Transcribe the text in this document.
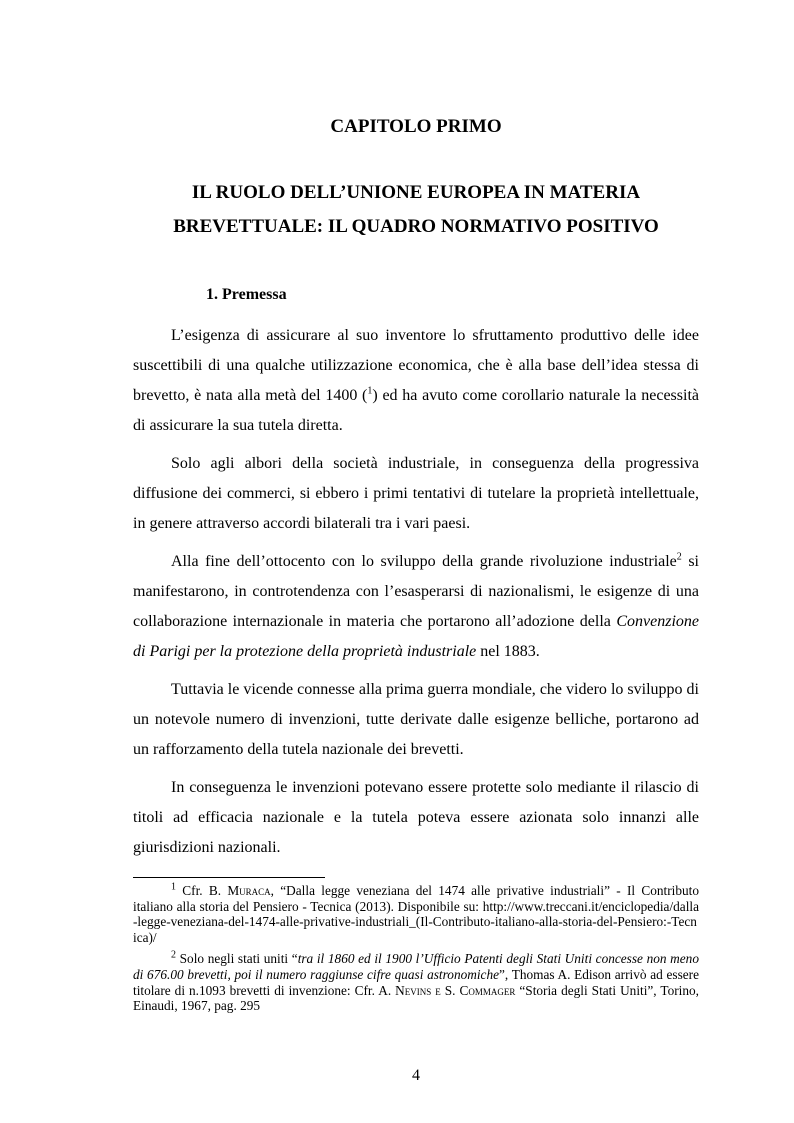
CAPITOLO PRIMO
IL RUOLO DELL’UNIONE EUROPEA IN MATERIA
BREVETTUALE: IL QUADRO NORMATIVO POSITIVO
1. Premessa

L’esigenza di assicurare al suo inventore lo sfruttamento produttivo delle idee suscettibili di una qualche utilizzazione economica, che è alla base dell’idea stessa di brevetto, è nata alla metà del 1400 ($^1$) ed ha avuto come corollario naturale la necessità di assicurare la sua tutela diretta.

Solo agli albori della società industriale, in conseguenza della progressiva diffusione dei commerci, si ebbero i primi tentativi di tutelare la proprietà intellettuale, in genere attraverso accordi bilaterali tra i vari paesi.

Alla fine dell’ottocento con lo sviluppo della grande rivoluzione industriale$^2$ si manifestarono, in controtendenza con l’esasperarsi di nazionalismi, le esigenze di una collaborazione internazionale in materia che portarono all’adozione della Convenzione di Parigi per la protezione della proprietà industriale nel 1883.

Tuttavia le vicende connesse alla prima guerra mondiale, che videro lo sviluppo di un notevole numero di invenzioni, tutte derivate dalle esigenze belliche, portarono ad un rafforzamento della tutela nazionale dei brevetti.

In conseguenza le invenzioni potevano essere protette solo mediante il rilascio di titoli ad efficacia nazionale e la tutela poteva essere azionata solo innanzi alle giurisdizioni nazionali.

$^1$ Cfr. B. Muraca, “Dalla legge veneziana del 1474 alle privative industriali” - Il Contributo italiano alla storia del Pensiero - Tecnica (2013). Disponibile su: http://www.treccani.it/enciclopedia/dalla-legge-veneziana-del-1474-alle-privative-industriali_(Il-Contributo-italiano-alla-storia-del-Pensiero:-Tecnica)/

$^2$ Solo negli stati uniti “tra il 1860 ed il 1900 l’Ufficio Patenti degli Stati Uniti concesse non meno di 676.00 brevetti, poi il numero raggiunse cifre quasi astronomiche”, Thomas A. Edison arrivò ad essere titolare di n.1093 brevetti di invenzione: Cfr. A. Nevins e S. Commager “Storia degli Stati Uniti”, Torino, Einaudi, 1967, pag. 295

4
